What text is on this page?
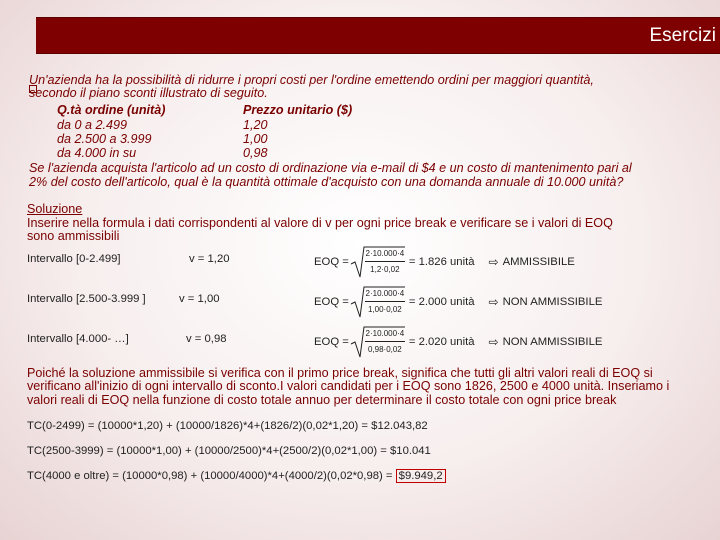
Esercizi
Un'azienda ha la possibilità di ridurre i propri costi per l'ordine emettendo ordini per maggiori quantità,
secondo il piano sconti illustrato di seguito.
Q.tà ordine (unità)	Prezzo unitario ($)
da 0 a 2.499	1,20
da 2.500 a 3.999	1,00
da 4.000 in su	0,98
Se l'azienda acquista l'articolo ad un costo di ordinazione via e-mail di $4 e un costo di mantenimento pari al
2% del costo dell'articolo, qual è la quantità ottimale d'acquisto con una domanda annuale di 10.000 unità?
Soluzione
Inserire nella formula i dati corrispondenti al valore di v per ogni price break e verificare se i valori di EOQ
sono ammissibili
Intervallo [0-2.499]	v = 1,20	EOQ =
2·10.000·4
1,2·0,02
= 1.826 unità ⇨ AMMISSIBILE
Intervallo [2.500-3.999 ]	v = 1,00	EOQ =
2·10.000·4
1,00·0,02
= 2.000 unità ⇨ NON AMMISSIBILE
Intervallo [4.000- …]	v = 0,98	EOQ =
2·10.000·4
0,98·0,02
= 2.020 unità ⇨ NON AMMISSIBILE
Poiché la soluzione ammissibile si verifica con il primo price break, significa che tutti gli altri valori reali di EOQ si
verificano all'inizio di ogni intervallo di sconto.I valori candidati per i EOQ sono 1826, 2500 e 4000 unità. Inseriamo i
valori reali di EOQ nella funzione di costo totale annuo per determinare il costo totale con ogni price break
TC(0-2499) = (10000*1,20) + (10000/1826)*4+(1826/2)(0,02*1,20) = $12.043,82
TC(2500-3999) = (10000*1,00) + (10000/2500)*4+(2500/2)(0,02*1,00) = $10.041
TC(4000 e oltre) = (10000*0,98) + (10000/4000)*4+(4000/2)(0,02*0,98) = $9.949,2
